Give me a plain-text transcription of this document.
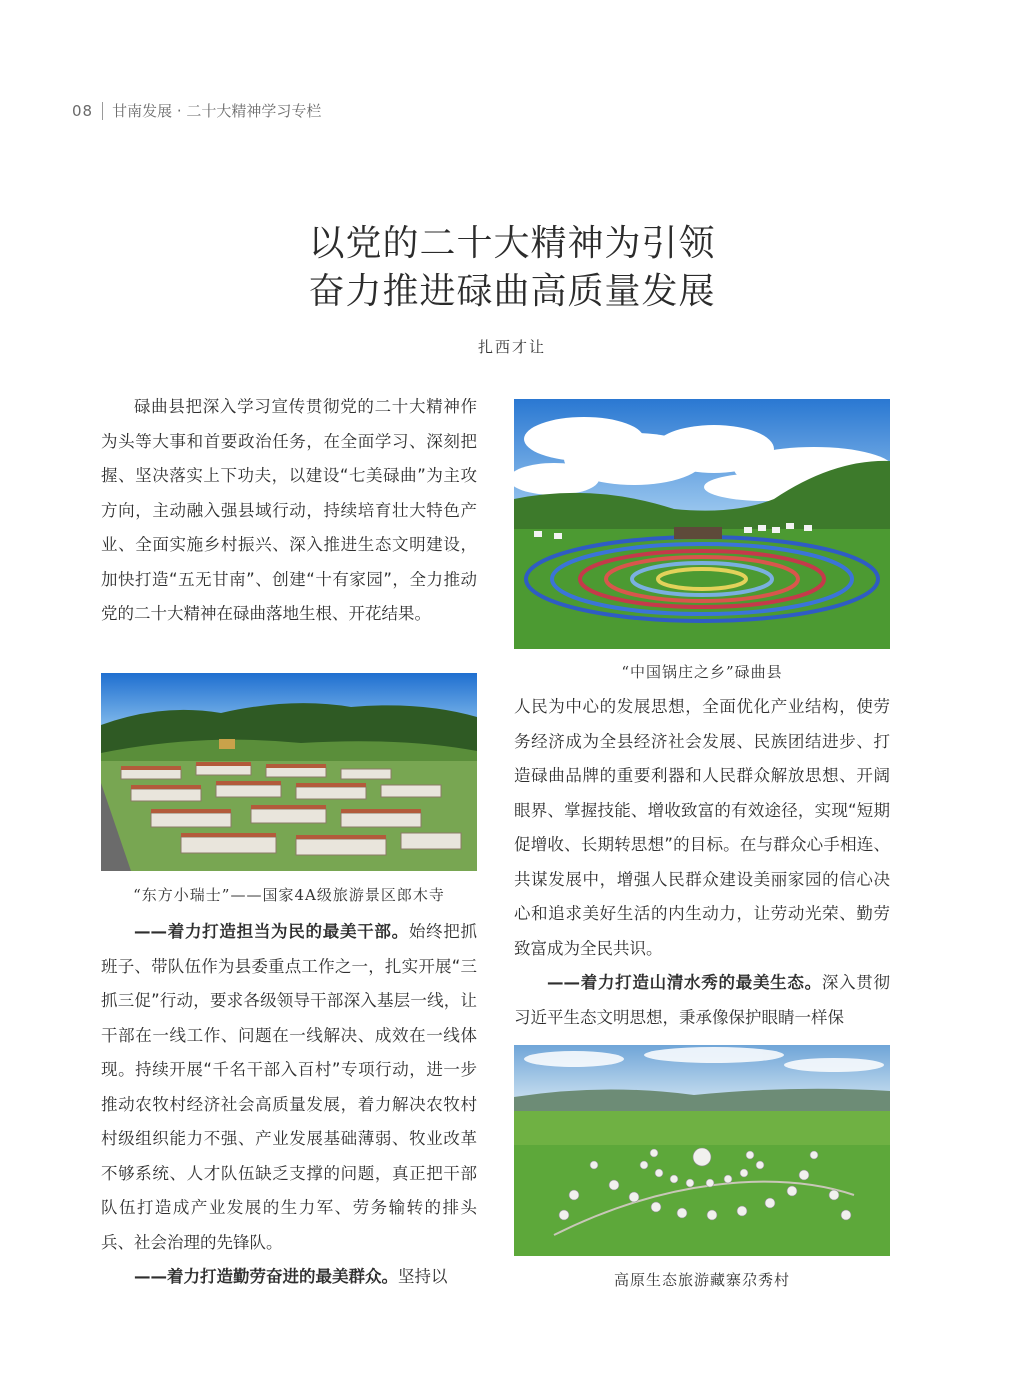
08 甘南发展 · 二十大精神学习专栏
以党的二十大精神为引领
奋力推进碌曲高质量发展
扎西才让

碌曲县把深入学习宣传贯彻党的二十大精神作为头等大事和首要政治任务，在全面学习、深刻把握、坚决落实上下功夫，以建设“七美碌曲”为主攻方向，主动融入强县域行动，持续培育壮大特色产业、全面实施乡村振兴、深入推进生态文明建设，加快打造“五无甘南”、创建“十有家园”，全力推动党的二十大精神在碌曲落地生根、开花结果。

“东方小瑞士”——国家4A级旅游景区郎木寺

——着力打造担当为民的最美干部。始终把抓班子、带队伍作为县委重点工作之一，扎实开展“三抓三促”行动，要求各级领导干部深入基层一线，让干部在一线工作、问题在一线解决、成效在一线体现。持续开展“千名干部入百村”专项行动，进一步推动农牧村经济社会高质量发展，着力解决农牧村村级组织能力不强、产业发展基础薄弱、牧业改革不够系统、人才队伍缺乏支撑的问题，真正把干部队伍打造成产业发展的生力军、劳务输转的排头兵、社会治理的先锋队。

——着力打造勤劳奋进的最美群众。坚持以

“中国锅庄之乡”碌曲县

人民为中心的发展思想，全面优化产业结构，使劳务经济成为全县经济社会发展、民族团结进步、打造碌曲品牌的重要利器和人民群众解放思想、开阔眼界、掌握技能、增收致富的有效途径，实现“短期促增收、长期转思想”的目标。在与群众心手相连、共谋发展中，增强人民群众建设美丽家园的信心决心和追求美好生活的内生动力，让劳动光荣、勤劳致富成为全民共识。

——着力打造山清水秀的最美生态。深入贯彻习近平生态文明思想，秉承像保护眼睛一样保

高原生态旅游藏寨尕秀村
